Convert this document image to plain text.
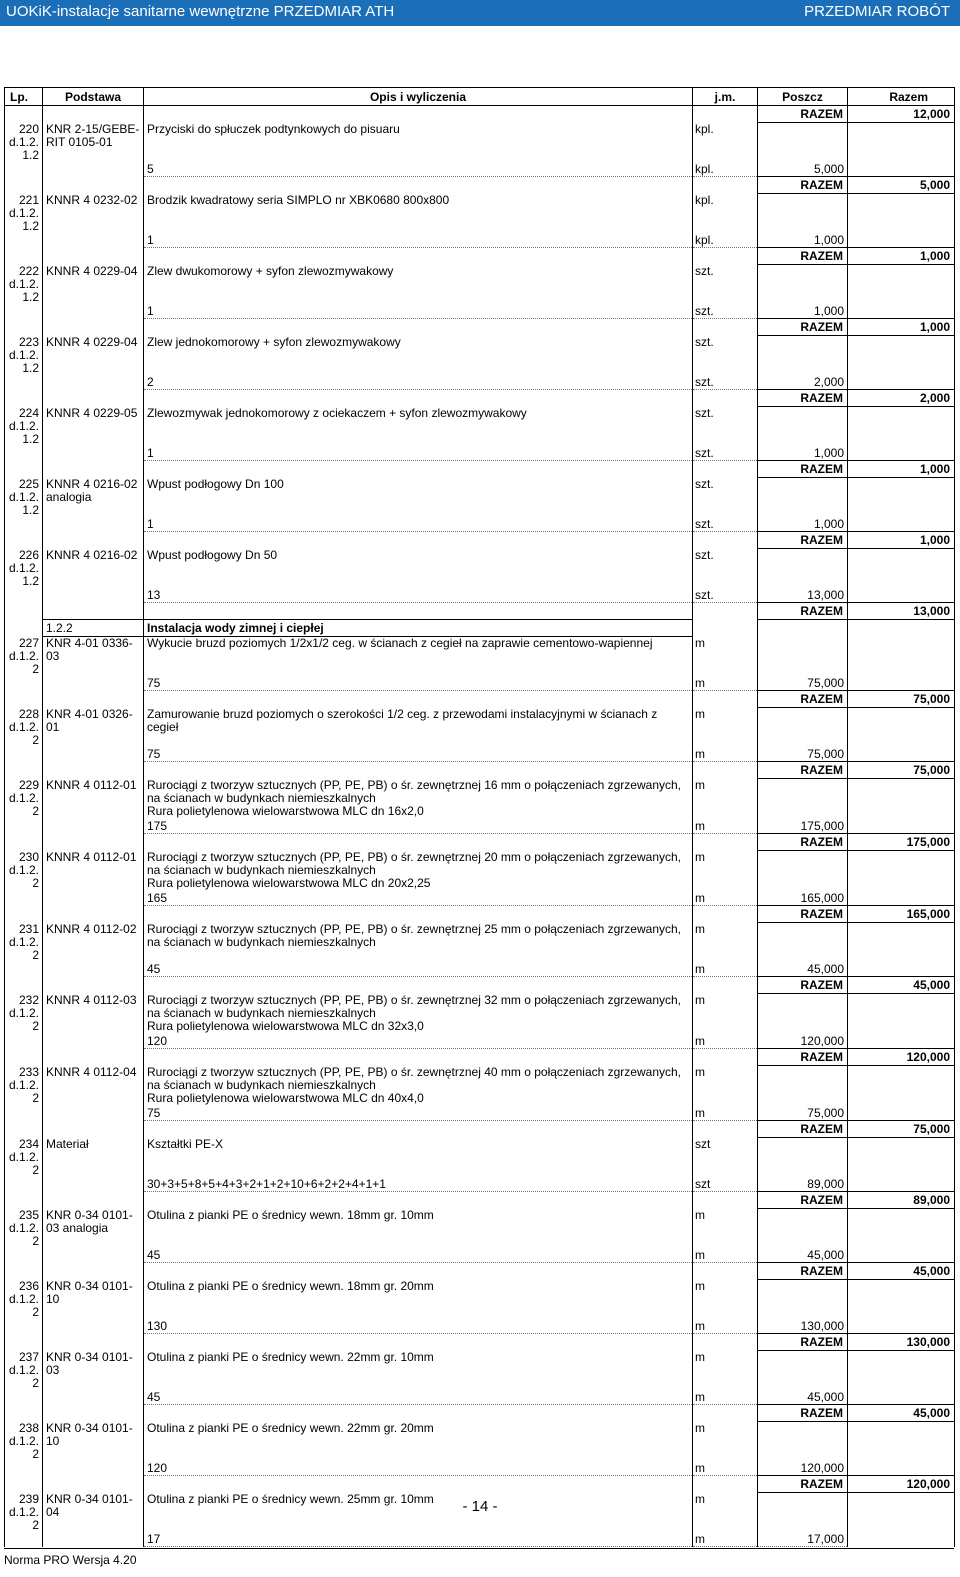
UOKiK-instalacje sanitarne wewnętrzne PRZEDMIAR ATH	PRZEDMIAR ROBÓT
Lp.	Podstawa	Opis i wyliczenia	j.m.	Poszcz	Razem
				RAZEM	12,000
220
d.1.2.
1.2	KNR 2-15/GEBE-RIT 0105-01	Przyciski do spłuczek podtynkowych do pisuaru	kpl.		
		5	kpl.	5,000	
				RAZEM	5,000
221
d.1.2.
1.2	KNNR 4 0232-02	Brodzik kwadratowy seria SIMPLO nr XBK0680 800x800	kpl.		
		1	kpl.	1,000	
				RAZEM	1,000
222
d.1.2.
1.2	KNNR 4 0229-04	Zlew dwukomorowy + syfon zlewozmywakowy	szt.		
		1	szt.	1,000	
				RAZEM	1,000
223
d.1.2.
1.2	KNNR 4 0229-04	Zlew jednokomorowy + syfon zlewozmywakowy	szt.		
		2	szt.	2,000	
				RAZEM	2,000
224
d.1.2.
1.2	KNNR 4 0229-05	Zlewozmywak jednokomorowy z ociekaczem + syfon zlewozmywakowy	szt.		
		1	szt.	1,000	
				RAZEM	1,000
225
d.1.2.
1.2	KNNR 4 0216-02 analogia	Wpust podłogowy Dn 100	szt.		
		1	szt.	1,000	
				RAZEM	1,000
226
d.1.2.
1.2	KNNR 4 0216-02	Wpust podłogowy Dn 50	szt.		
		13	szt.	13,000	
				RAZEM	13,000
	1.2.2	Instalacja wody zimnej i ciepłej			
227
d.1.2.
2	KNR 4-01 0336-03	Wykucie bruzd poziomych 1/2x1/2 ceg. w ścianach z cegieł na zaprawie cementowo-wapiennej	m		
		75	m	75,000	
				RAZEM	75,000
228
d.1.2.
2	KNR 4-01 0326-01	Zamurowanie bruzd poziomych o szerokości 1/2 ceg. z przewodami instalacyjnymi w ścianach z cegieł	m		
		75	m	75,000	
				RAZEM	75,000
229
d.1.2.
2	KNNR 4 0112-01	Rurociągi z tworzyw sztucznych (PP, PE, PB) o śr. zewnętrznej 16 mm o połączeniach zgrzewanych, na ścianach w budynkach niemieszkalnych
Rura polietylenowa wielowarstwowa MLC dn 16x2,0	m		
		175	m	175,000	
				RAZEM	175,000
230
d.1.2.
2	KNNR 4 0112-01	Rurociągi z tworzyw sztucznych (PP, PE, PB) o śr. zewnętrznej 20 mm o połączeniach zgrzewanych, na ścianach w budynkach niemieszkalnych
Rura polietylenowa wielowarstwowa MLC dn 20x2,25	m		
		165	m	165,000	
				RAZEM	165,000
231
d.1.2.
2	KNNR 4 0112-02	Rurociągi z tworzyw sztucznych (PP, PE, PB) o śr. zewnętrznej 25 mm o połączeniach zgrzewanych, na ścianach w budynkach niemieszkalnych	m		
		45	m	45,000	
				RAZEM	45,000
232
d.1.2.
2	KNNR 4 0112-03	Rurociągi z tworzyw sztucznych (PP, PE, PB) o śr. zewnętrznej 32 mm o połączeniach zgrzewanych, na ścianach w budynkach niemieszkalnych
Rura polietylenowa wielowarstwowa MLC dn 32x3,0	m		
		120	m	120,000	
				RAZEM	120,000
233
d.1.2.
2	KNNR 4 0112-04	Rurociągi z tworzyw sztucznych (PP, PE, PB) o śr. zewnętrznej 40 mm o połączeniach zgrzewanych, na ścianach w budynkach niemieszkalnych
Rura polietylenowa wielowarstwowa MLC dn 40x4,0	m		
		75	m	75,000	
				RAZEM	75,000
234
d.1.2.
2	Materiał	Kształtki PE-X	szt		
		30+3+5+8+5+4+3+2+1+2+10+6+2+2+4+1+1	szt	89,000	
				RAZEM	89,000
235
d.1.2.
2	KNR 0-34 0101-03 analogia	Otulina z pianki PE o średnicy wewn. 18mm gr. 10mm	m		
		45	m	45,000	
				RAZEM	45,000
236
d.1.2.
2	KNR 0-34 0101-10	Otulina z pianki PE o średnicy wewn. 18mm gr. 20mm	m		
		130	m	130,000	
				RAZEM	130,000
237
d.1.2.
2	KNR 0-34 0101-03	Otulina z pianki PE o średnicy wewn. 22mm gr. 10mm	m		
		45	m	45,000	
				RAZEM	45,000
238
d.1.2.
2	KNR 0-34 0101-10	Otulina z pianki PE o średnicy wewn. 22mm gr. 20mm	m		
		120	m	120,000	
				RAZEM	120,000
239
d.1.2.
2	KNR 0-34 0101-04	Otulina z pianki PE o średnicy wewn. 25mm gr. 10mm	m		
		17	m	17,000	
- 14 -
Norma PRO Wersja 4.20
